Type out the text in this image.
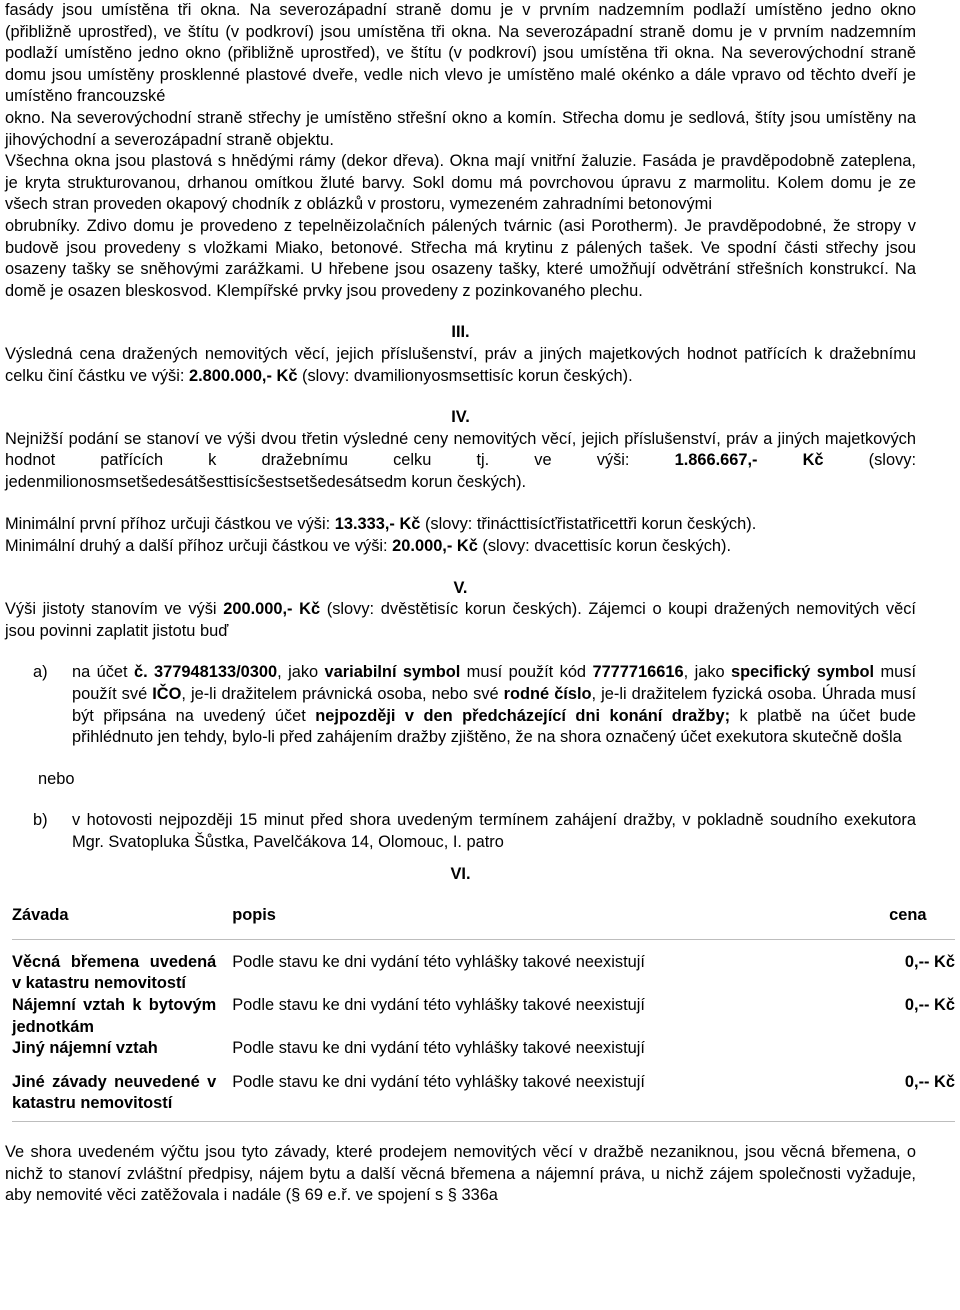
fasády jsou umístěna tři okna. Na severozápadní straně domu je v prvním nadzemním podlaží umístěno jedno okno (přibližně uprostřed), ve štítu (v podkroví) jsou umístěna tři okna. Na severozápadní straně domu je v prvním nadzemním podlaží umístěno jedno okno (přibližně uprostřed), ve štítu (v podkroví) jsou umístěna tři okna. Na severovýchodní straně domu jsou umístěny prosklenné plastové dveře, vedle nich vlevo je umístěno malé okénko a dále vpravo od těchto dveří je umístěno francouzské

okno. Na severovýchodní straně střechy je umístěno střešní okno a komín. Střecha domu je sedlová, štíty jsou umístěny na jihovýchodní a severozápadní straně objektu.

Všechna okna jsou plastová s hnědými rámy (dekor dřeva). Okna mají vnitřní žaluzie. Fasáda je pravděpodobně zateplena, je kryta strukturovanou, drhanou omítkou žluté barvy. Sokl domu má povrchovou úpravu z marmolitu. Kolem domu je ze všech stran proveden okapový chodník z oblázků v prostoru, vymezeném zahradními betonovými

obrubníky. Zdivo domu je provedeno z tepelněizolačních pálených tvárnic (asi Porotherm). Je pravděpodobné, že stropy v budově jsou provedeny s vložkami Miako, betonové. Střecha má krytinu z pálených tašek. Ve spodní části střechy jsou osazeny tašky se sněhovými zarážkami. U hřebene jsou osazeny tašky, které umožňují odvětrání střešních konstrukcí. Na domě je osazen bleskosvod. Klempířské prvky jsou provedeny z pozinkovaného plechu.

III.

Výsledná cena dražených nemovitých věcí, jejich příslušenství, práv a jiných majetkových hodnot patřících k dražebnímu celku činí částku ve výši: 2.800.000,- Kč (slovy: dvamilionyosmsettisíc korun českých).

IV.

Nejnižší podání se stanoví ve výši dvou třetin výsledné ceny nemovitých věcí, jejich příslušenství, práv a jiných majetkových hodnot patřících k dražebnímu celku tj. ve výši: 1.866.667,- Kč (slovy: jedenmilionosmsetšedesátšesttisícšestsetšedesátsedm korun českých).

Minimální první příhoz určuji částkou ve výši: 13.333,- Kč (slovy: třinácttisícťřistatřicettři korun českých).

Minimální druhý a další příhoz určuji částkou ve výši: 20.000,- Kč (slovy: dvacettisíc korun českých).

V.

Výši jistoty stanovím ve výši 200.000,- Kč (slovy: dvěstětisíc korun českých). Zájemci o koupi dražených nemovitých věcí jsou povinni zaplatit jistotu buď

a)	na účet č. 377948133/0300, jako variabilní symbol musí použít kód 7777716616, jako specifický symbol musí použít své IČO, je-li dražitelem právnická osoba, nebo své rodné číslo, je-li dražitelem fyzická osoba. Úhrada musí být připsána na uvedený účet nejpozději v den předcházející dni konání dražby; k platbě na účet bude přihlédnuto jen tehdy, bylo-li před zahájením dražby zjištěno, že na shora označený účet exekutora skutečně došla

nebo

b)	v hotovosti nejpozději 15 minut před shora uvedeným termínem zahájení dražby, v pokladně soudního exekutora Mgr. Svatopluka Šůstka, Pavelčákova 14, Olomouc, I. patro

VI.

Závada	popis	cena
Věcná břemena uvedená v katastru nemovitostí	Podle stavu ke dni vydání této vyhlášky takové neexistují	0,-- Kč
Nájemní vztah k bytovým jednotkám	Podle stavu ke dni vydání této vyhlášky takové neexistují	0,-- Kč
Jiný nájemní vztah	Podle stavu ke dni vydání této vyhlášky takové neexistují	
Jiné závady neuvedené v katastru nemovitostí	Podle stavu ke dni vydání této vyhlášky takové neexistují	0,-- Kč

Ve shora uvedeném výčtu jsou tyto závady, které prodejem nemovitých věcí v dražbě nezaniknou, jsou věcná břemena, o nichž to stanoví zvláštní předpisy, nájem bytu a další věcná břemena a nájemní práva, u nichž zájem společnosti vyžaduje, aby nemovité věci zatěžovala i nadále (§ 69 e.ř. ve spojení s § 336a
